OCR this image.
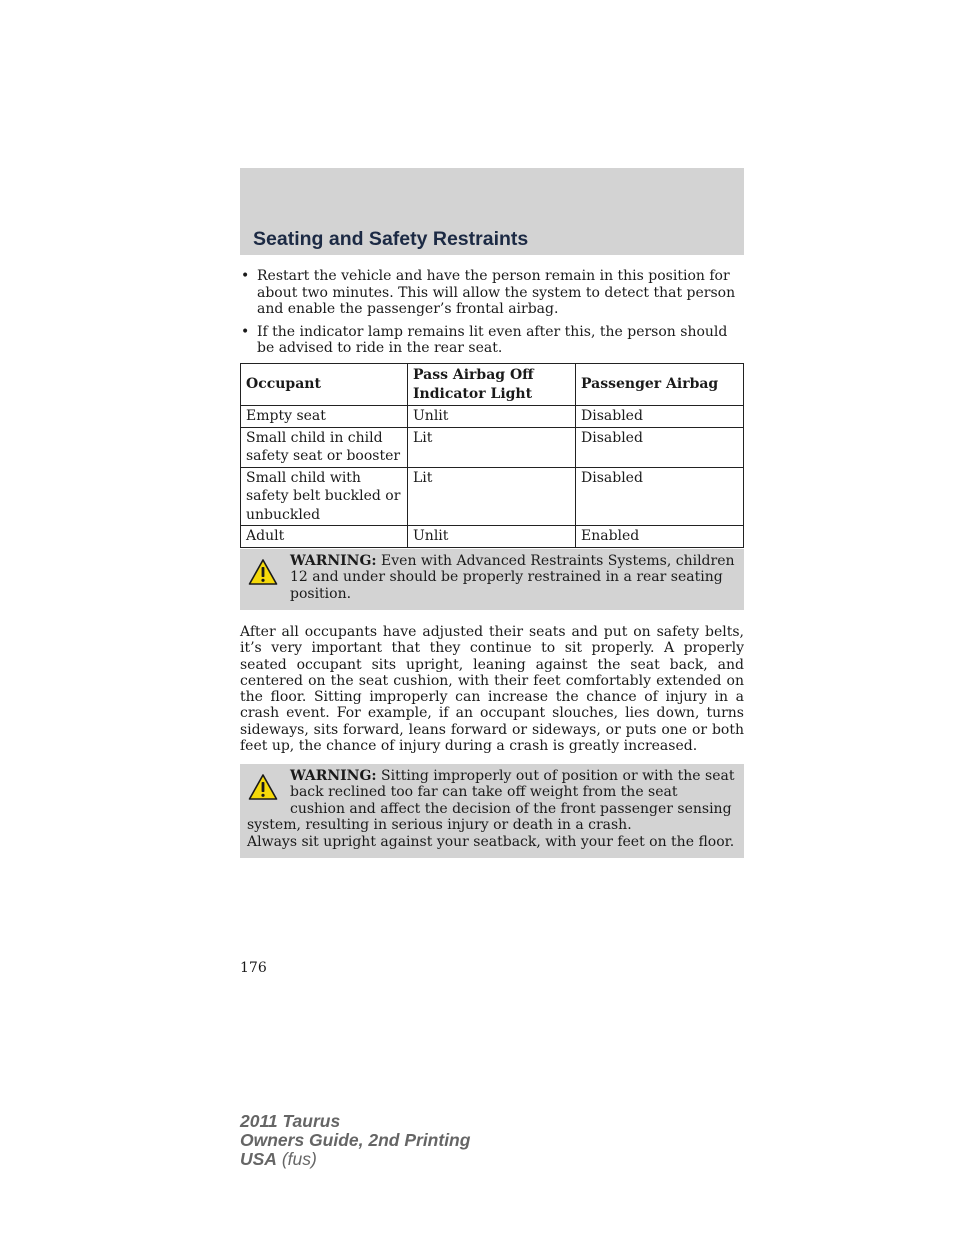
Seating and Safety Restraints
• Restart the vehicle and have the person remain in this position for about two minutes. This will allow the system to detect that person and enable the passenger’s frontal airbag.
• If the indicator lamp remains lit even after this, the person should be advised to ride in the rear seat.
Occupant	Pass Airbag Off Indicator Light	Passenger Airbag
Empty seat	Unlit	Disabled
Small child in child safety seat or booster	Lit	Disabled
Small child with safety belt buckled or unbuckled	Lit	Disabled
Adult	Unlit	Enabled

WARNING: Even with Advanced Restraints Systems, children 12 and under should be properly restrained in a rear seating position.

After all occupants have adjusted their seats and put on safety belts, it’s very important that they continue to sit properly. A properly seated occupant sits upright, leaning against the seat back, and centered on the seat cushion, with their feet comfortably extended on the floor. Sitting improperly can increase the chance of injury in a crash event. For example, if an occupant slouches, lies down, turns sideways, sits forward, leans forward or sideways, or puts one or both feet up, the chance of injury during a crash is greatly increased.

WARNING: Sitting improperly out of position or with the seat back reclined too far can take off weight from the seat cushion and affect the decision of the front passenger sensing system, resulting in serious injury or death in a crash.

Always sit upright against your seatback, with your feet on the floor.

176
2011 Taurus
Owners Guide, 2nd Printing
USA (fus)
